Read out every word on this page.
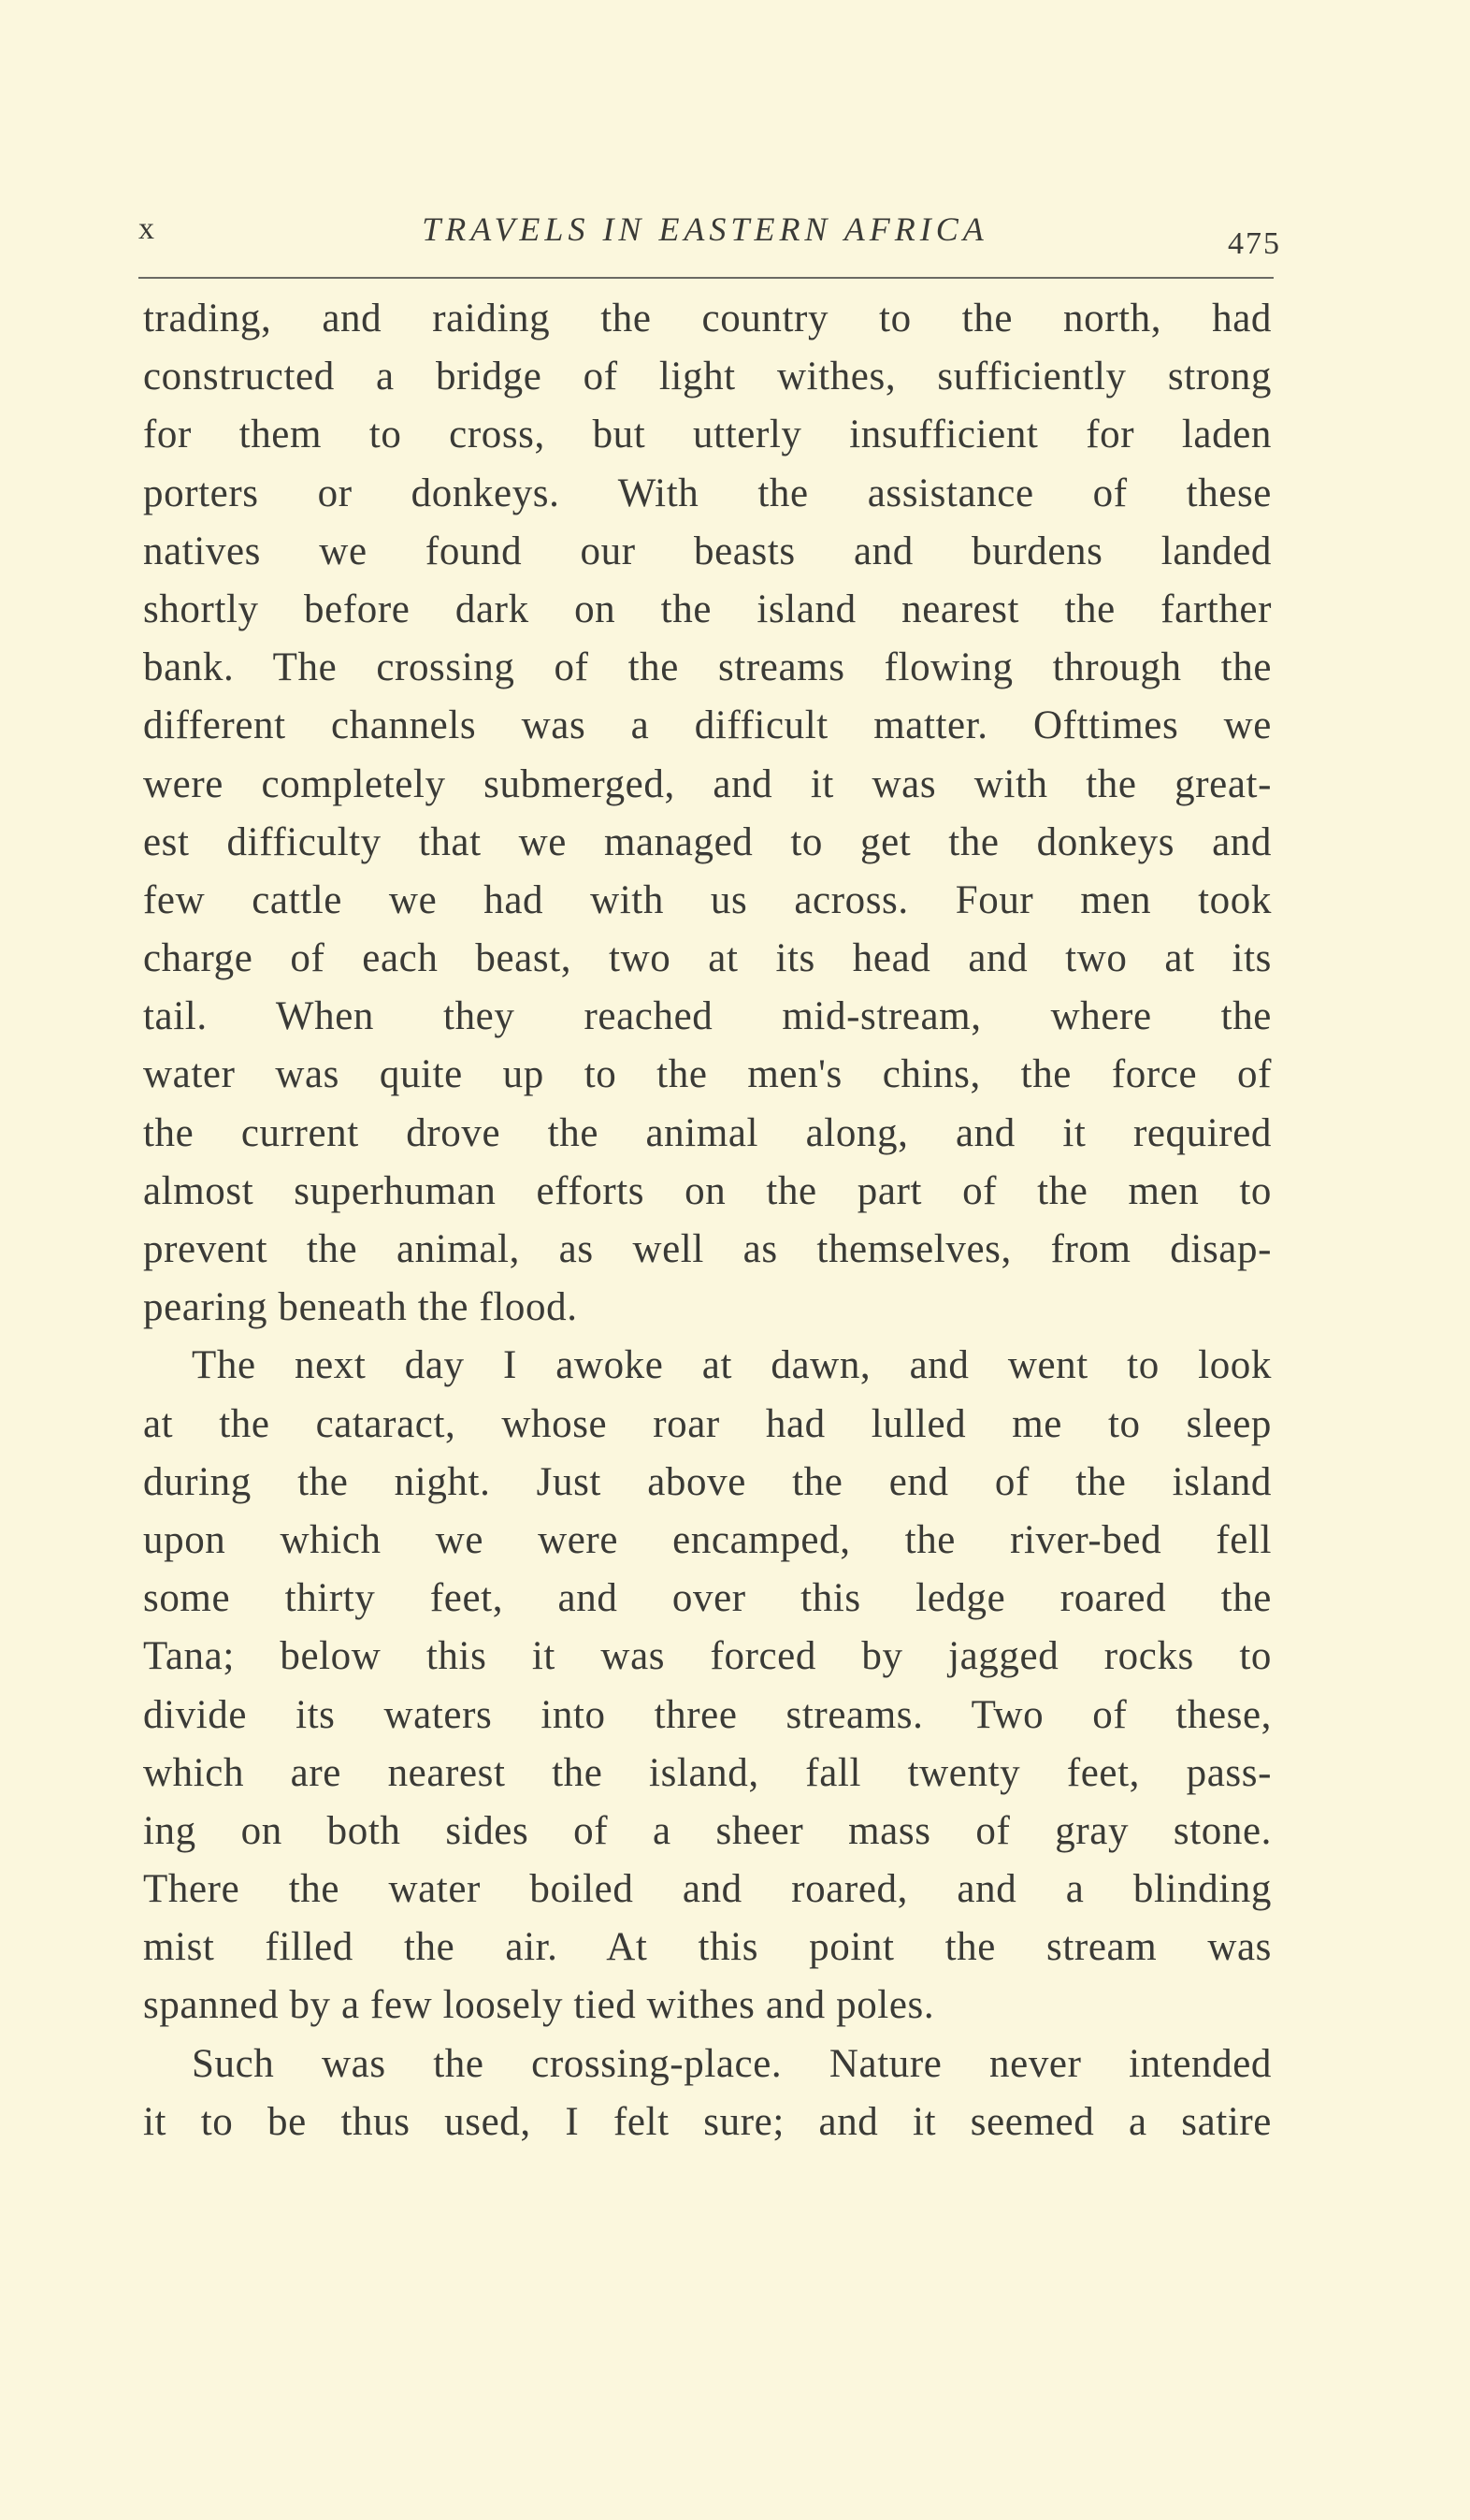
x	TRAVELS IN EASTERN AFRICA	475
trading, and raiding the country to the north, had
constructed a bridge of light withes, sufficiently strong
for them to cross, but utterly insufficient for laden
porters or donkeys. With the assistance of these
natives we found our beasts and burdens landed
shortly before dark on the island nearest the farther
bank. The crossing of the streams flowing through the
different channels was a difficult matter. Ofttimes we
were completely submerged, and it was with the great-
est difficulty that we managed to get the donkeys and
few cattle we had with us across. Four men took
charge of each beast, two at its head and two at its
tail. When they reached mid-stream, where the
water was quite up to the men's chins, the force of
the current drove the animal along, and it required
almost superhuman efforts on the part of the men to
prevent the animal, as well as themselves, from disap-
pearing beneath the flood.
The next day I awoke at dawn, and went to look
at the cataract, whose roar had lulled me to sleep
during the night. Just above the end of the island
upon which we were encamped, the river-bed fell
some thirty feet, and over this ledge roared the
Tana; below this it was forced by jagged rocks to
divide its waters into three streams. Two of these,
which are nearest the island, fall twenty feet, pass-
ing on both sides of a sheer mass of gray stone.
There the water boiled and roared, and a blinding
mist filled the air. At this point the stream was
spanned by a few loosely tied withes and poles.
Such was the crossing-place. Nature never intended
it to be thus used, I felt sure; and it seemed a satire
